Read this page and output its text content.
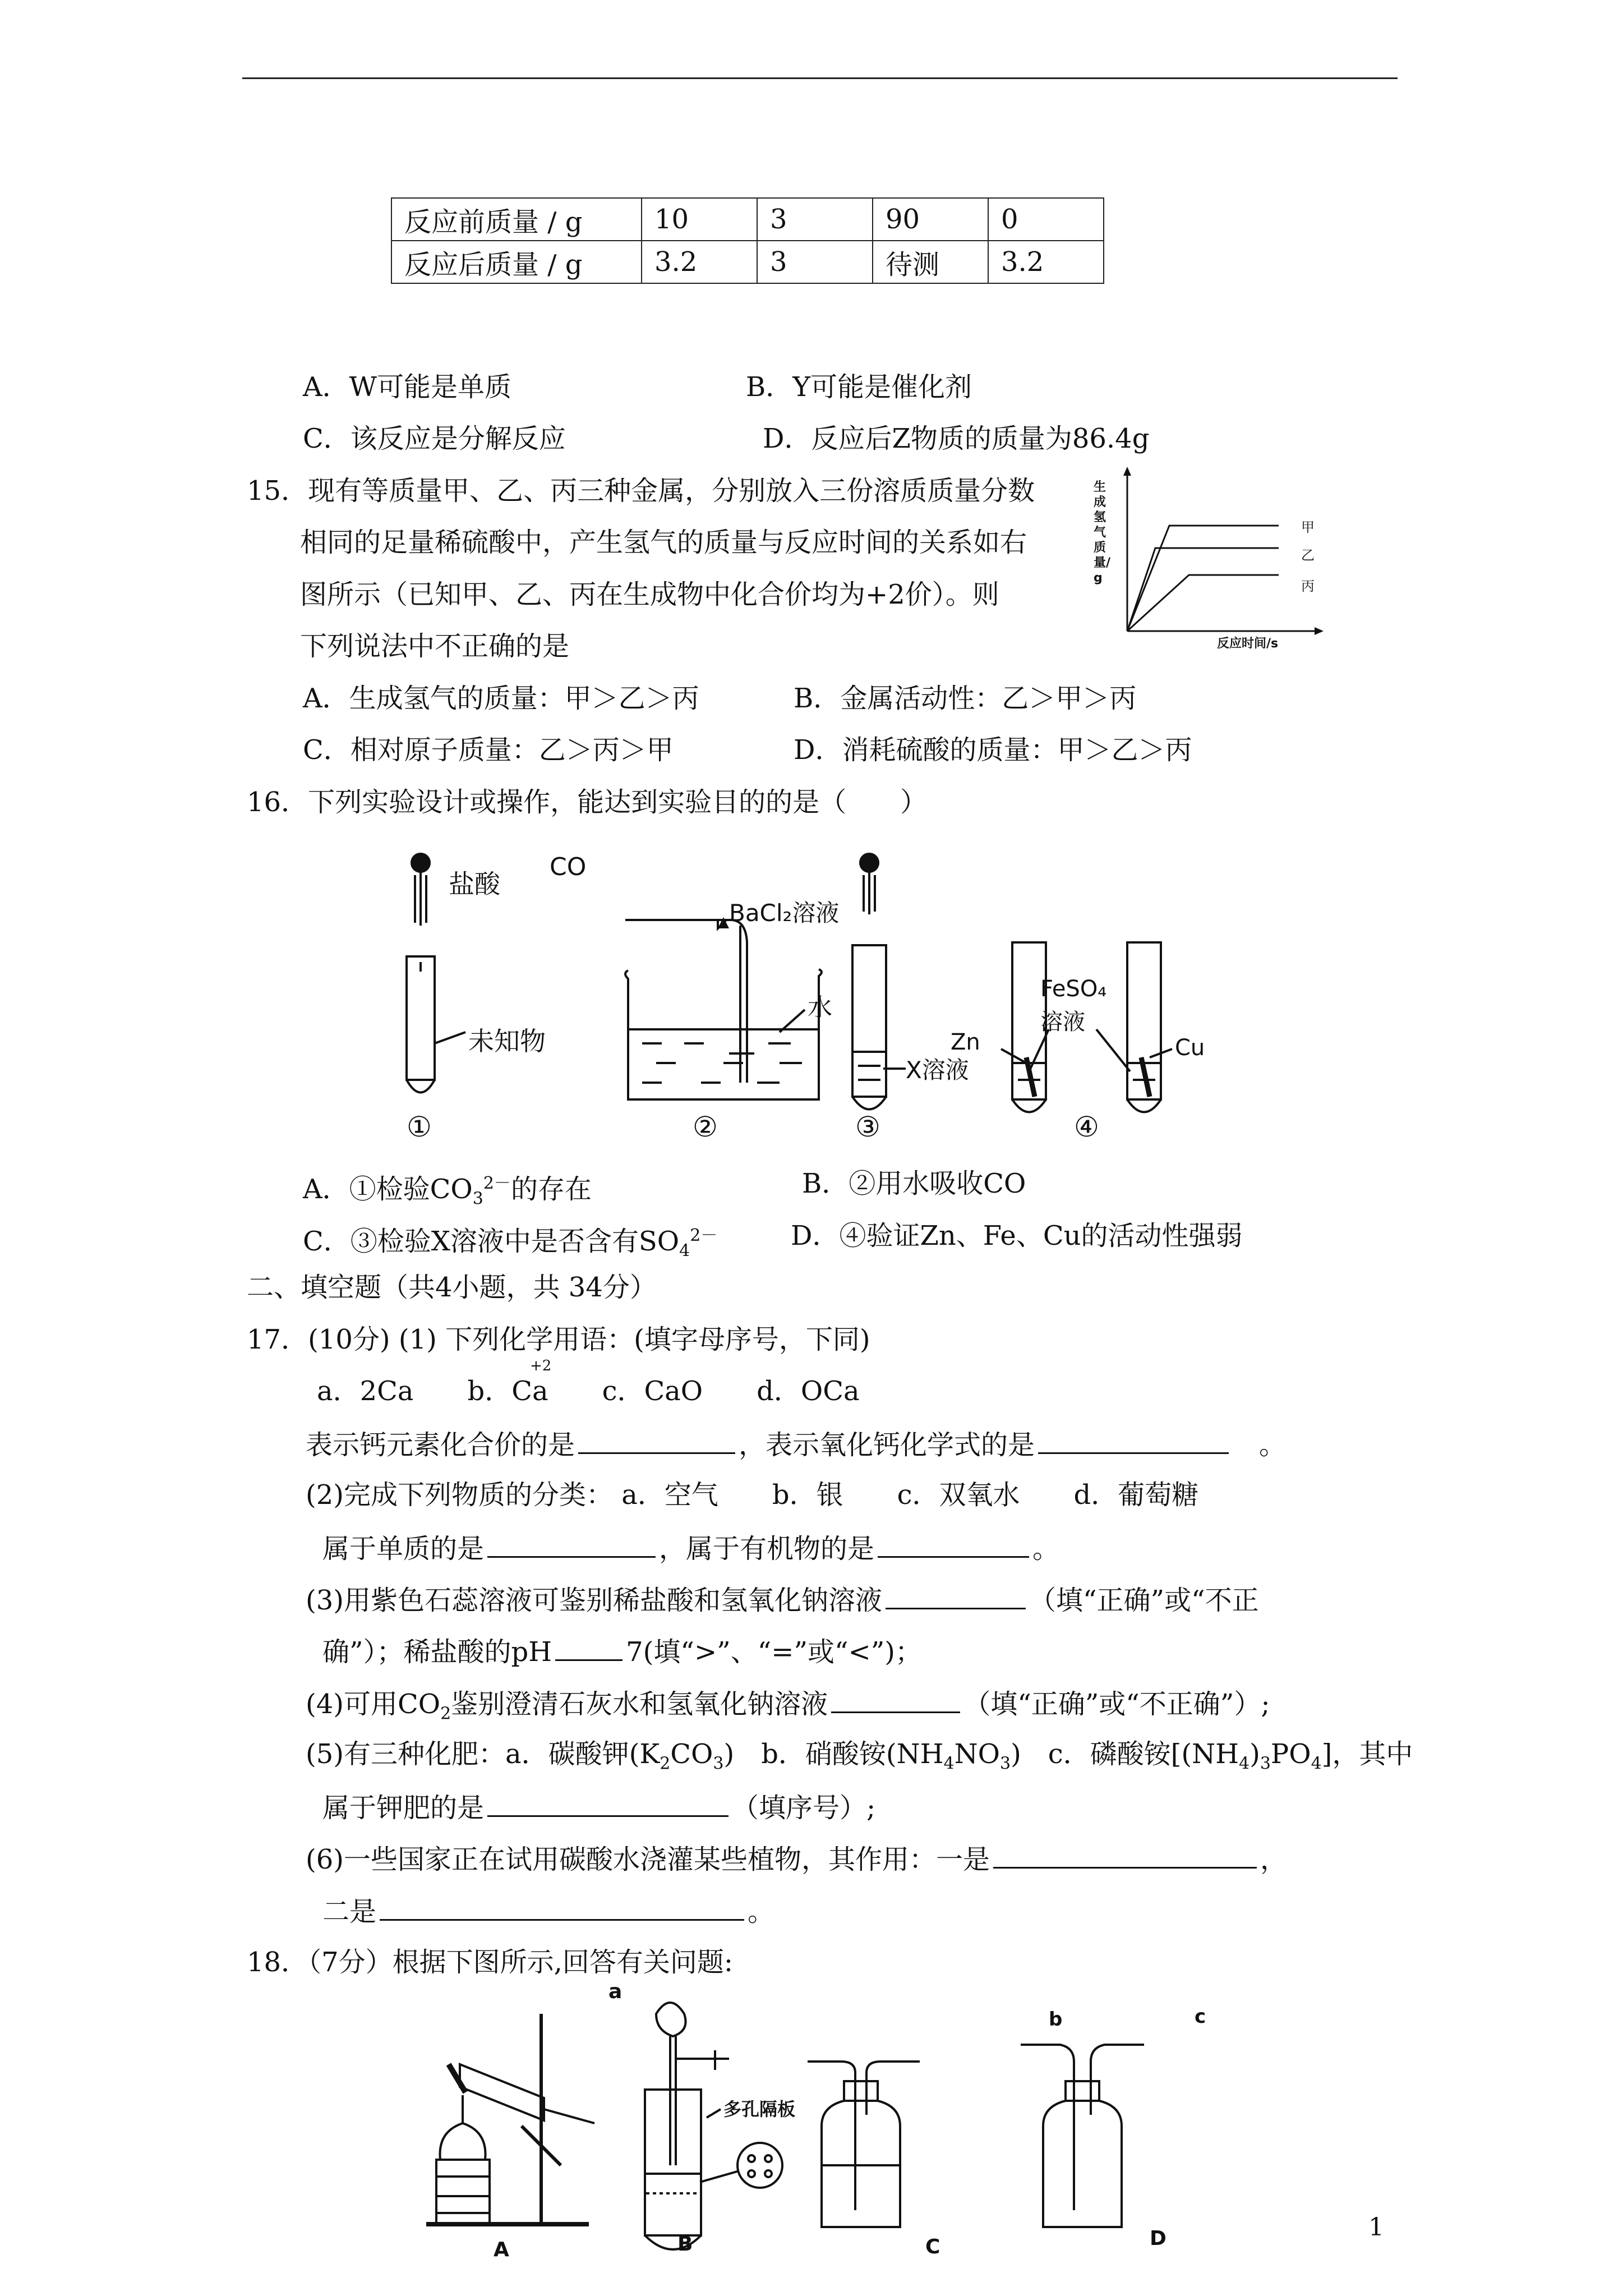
反应前质量 / g	10	3	90	0
反应后质量 / g	3.2	3	待测	3.2
A．W可能是单质	B．Y可能是催化剂
C．该反应是分解反应	D．反应后Z物质的质量为86.4g
15．现有等质量甲、乙、丙三种金属，分别放入三份溶质质量分数
相同的足量稀硫酸中，产生氢气的质量与反应时间的关系如右
图所示（已知甲、乙、丙在生成物中化合价均为+2价）。则
下列说法中不正确的是
生成氢气质量/g
反应时间/s
甲
乙
丙
A．生成氢气的质量：甲＞乙＞丙	B．金属活动性：乙＞甲＞丙
C．相对原子质量：乙＞丙＞甲	D．消耗硫酸的质量：甲＞乙＞丙
16．下列实验设计或操作，能达到实验目的的是（　　）
盐酸
未知物
CO
水
BaCl₂溶液
X溶液
FeSO₄
溶液
Zn	Cu
①	②	③	④
A．①检验$CO_3^{2-}$的存在	B．②用水吸收CO
C．③检验X溶液中是否含有$SO_4^{2-}$	D．④验证Zn、Fe、Cu的活动性强弱
二、填空题（共4小题，共 34分）
17．(10分) (1) 下列化学用语：(填字母序号，下同)
+2
a．2Ca　　b．Ca　　c．CaO　　d．OCa
表示钙元素化合价的是	，表示氧化钙化学式的是　	。
(2)完成下列物质的分类： a．空气　　b．银　　c．双氧水　　d．葡萄糖
属于单质的是	，属于有机物的是	。
(3)用紫色石蕊溶液可鉴别稀盐酸和氢氧化钠溶液	（填“正确”或“不正
确”）；稀盐酸的pH	7(填“>”、“=”或“<”)；
(4)可用$CO_2$鉴别澄清石灰水和氢氧化钠溶液	（填“正确”或“不正确”）;
(5)有三种化肥：a．碳酸钾$(K_2CO_3)$　b．硝酸铵$(NH_4NO_3)$　c．磷酸铵$[(NH_4)_3PO_4]$，其中
属于钾肥的是	（填序号）;
(6)一些国家正在试用碳酸水浇灌某些植物，其作用：一是	，
二是	。
18．（7分）根据下图所示,回答有关问题:
A	B	C	D
a
b	c
多孔隔板
1
